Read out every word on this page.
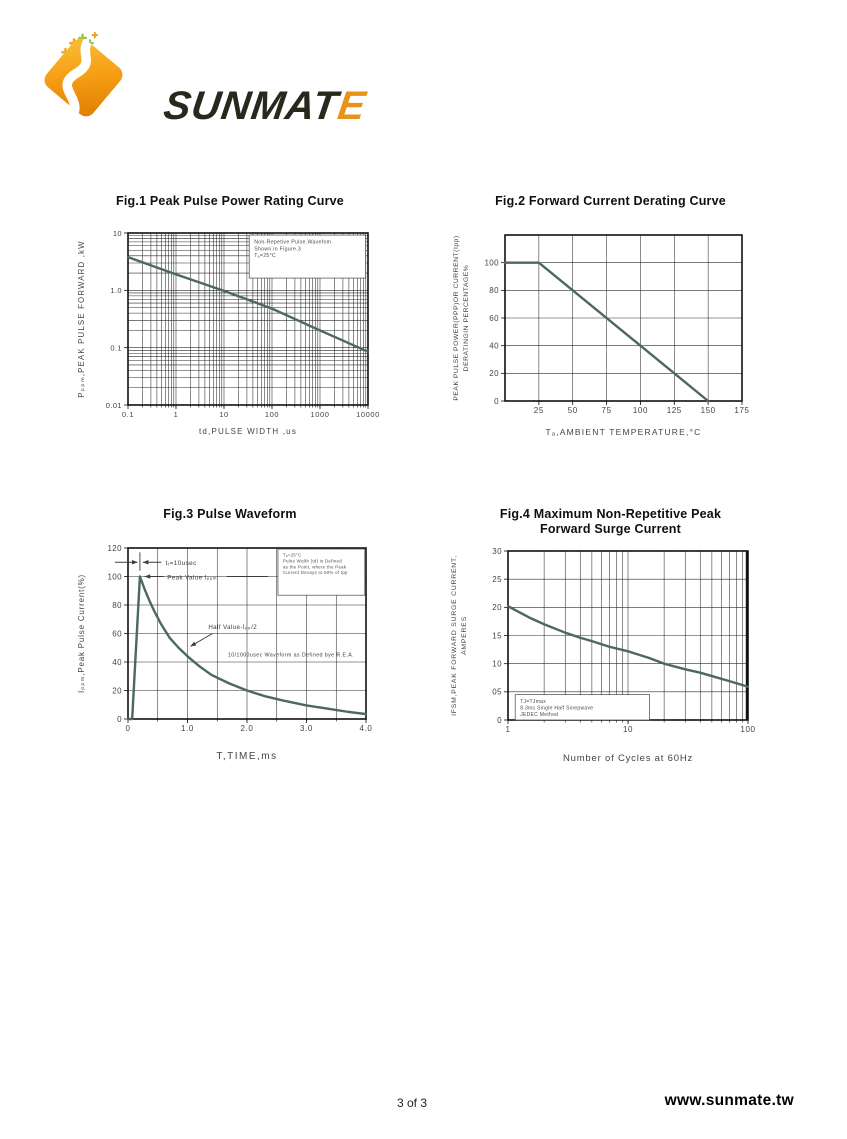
SUNMATE
Fig.1 Peak Pulse Power Rating Curve
0.1	1	10	100	1000	10000
10
1.0
0.1
0.01
td,PULSE WIDTH ,us
Pₚₚₘ,PEAK PULSE FORWARD ,kW	Non-Repetive Pulse.Wavefom
Shown in Figure.3
Tₐ=25°C
Fig.2 Forward Current Derating Curve
25	50	75	100 125 150 175
0
20
40
60
80
100
Tₐ,AMBIENT TEMPERATURE,°C
PEAK PULSE POWER(PPP)OR CURRENT(Ipp) DERATINGIN PERCENTAGE%
Fig.3 Pulse Waveform
0	1.0	2.0	3.0	4.0
0
20
40
60
80
100
120
T,TIME,ms
Iₚₚₘ,Peak Pulse Current(%)
Tₐ=25°C
Pulse Width (td) is Defined
as the Point, where the Peak
Current Decays to 50% of Ipp
tᵣ=10usec
Peak Value Iₚₚₘ
Half Value-Iₚₚ/2
10/1000usec Waveform as Defined bye R.E.A.
Fig.4 Maximum Non-Repetitive Peak
Forward Surge Current
1	10	100
0
05
10
15
20
25
30
Number of Cycles at 60Hz
IFSM,PEAK FORWARD SURGE CURRENT, AMPERES
TJ=TJmax
8.3ms Single Half Sinepwave
JEDEC Method
3 of 3	www.sunmate.tw
